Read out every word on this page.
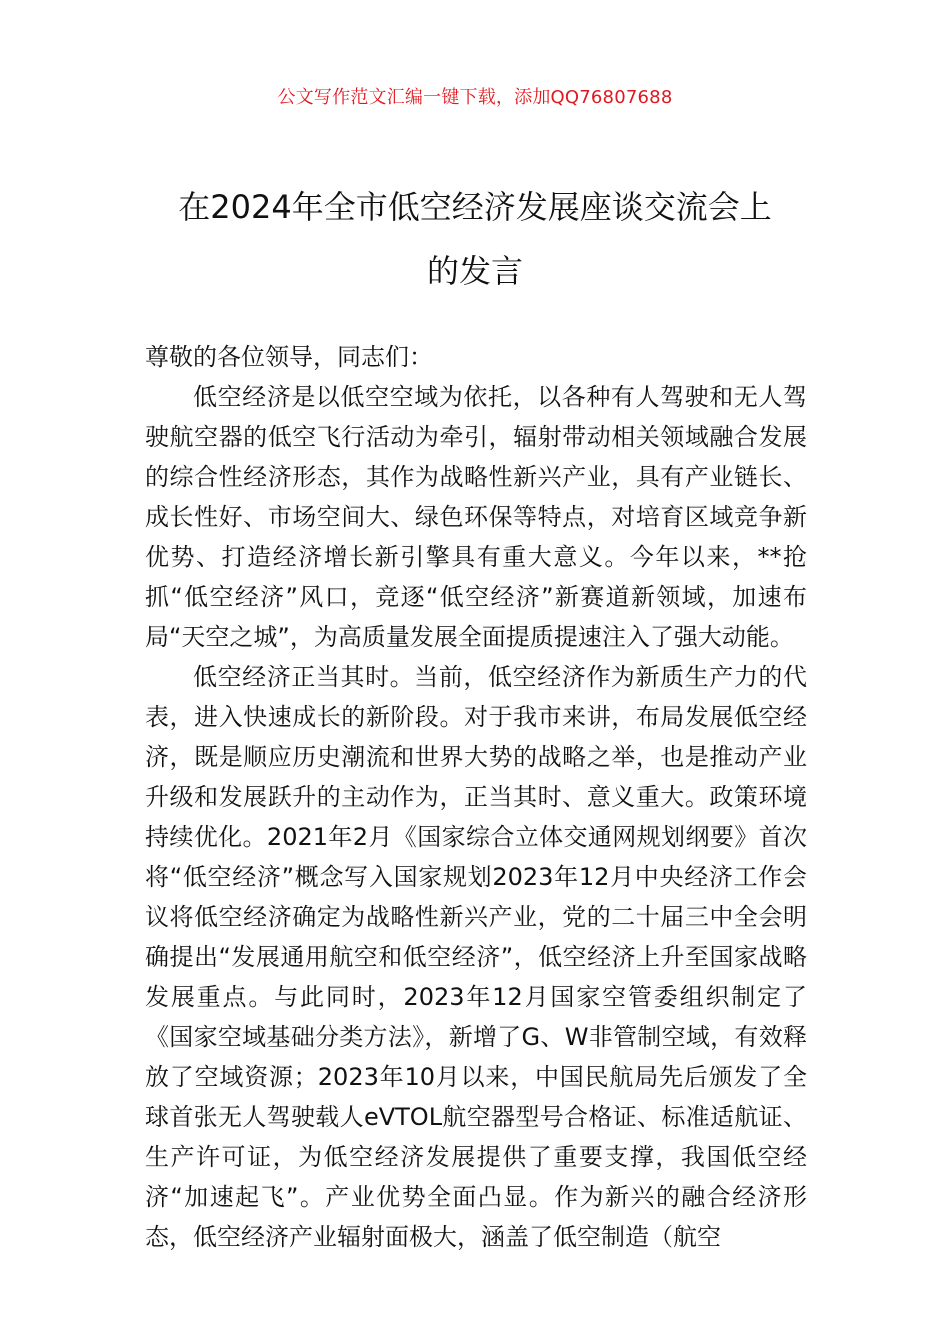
公文写作范文汇编一键下载，添加QQ76807688
在2024年全市低空经济发展座谈交流会上
的发言

尊敬的各位领导，同志们：

低空经济是以低空空域为依托，以各种有人驾驶和无人驾驶航空器的低空飞行活动为牵引，辐射带动相关领域融合发展的综合性经济形态，其作为战略性新兴产业，具有产业链长、成长性好、市场空间大、绿色环保等特点，对培育区域竞争新优势、打造经济增长新引擎具有重大意义。今年以来，**抢抓“低空经济”风口，竞逐“低空经济”新赛道新领域，加速布局“天空之城”，为高质量发展全面提质提速注入了强大动能。

低空经济正当其时。当前，低空经济作为新质生产力的代表，进入快速成长的新阶段。对于我市来讲，布局发展低空经济，既是顺应历史潮流和世界大势的战略之举，也是推动产业升级和发展跃升的主动作为，正当其时、意义重大。政策环境持续优化。2021年2月《国家综合立体交通网规划纲要》首次将“低空经济”概念写入国家规划2023年12月中央经济工作会议将低空经济确定为战略性新兴产业，党的二十届三中全会明确提出“发展通用航空和低空经济”，低空经济上升至国家战略发展重点。与此同时，2023年12月国家空管委组织制定了《国家空域基础分类方法》，新增了G、W非管制空域，有效释放了空域资源；2023年10月以来，中国民航局先后颁发了全球首张无人驾驶载人eVTOL航空器型号合格证、标准适航证、生产许可证，为低空经济发展提供了重要支撑，我国低空经济“加速起飞”。产业优势全面凸显。作为新兴的融合经济形态，低空经济产业辐射面极大，涵盖了低空制造（航空
